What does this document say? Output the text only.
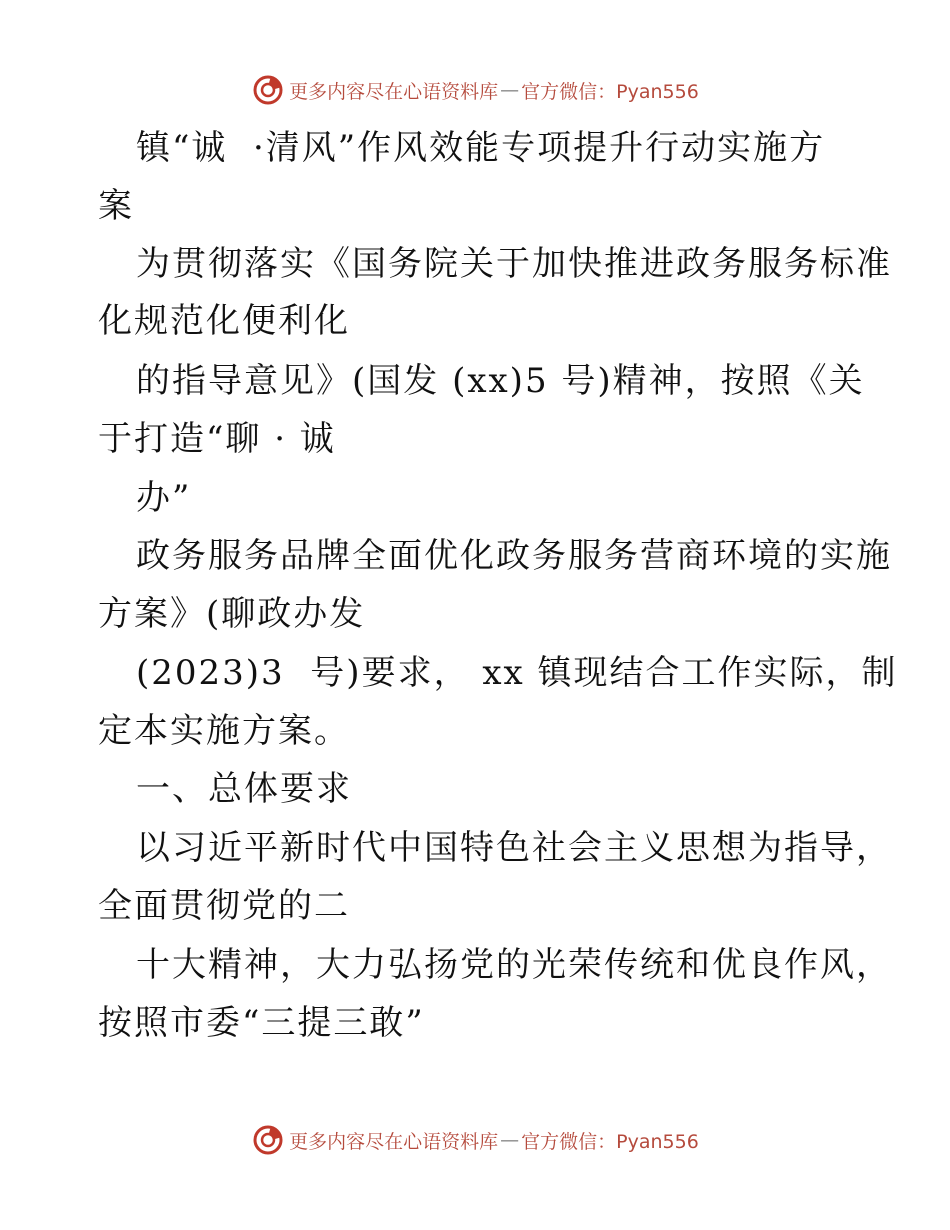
更多内容尽在心语资料库 — 官方微信：Pyan556
镇“诚  ·清风”作风效能专项提升行动实施方
案
为贯彻落实《国务院关于加快推进政务服务标准
化规范化便利化
的指导意见》(国发 (xx)5 号)精神，按照《关
于打造“聊 · 诚
办”
政务服务品牌全面优化政务服务营商环境的实施
方案》(聊政办发
(2023)3  号)要求， xx 镇现结合工作实际，制
定本实施方案。
一、总体要求
以习近平新时代中国特色社会主义思想为指导，
全面贯彻党的二
十大精神，大力弘扬党的光荣传统和优良作风，
按照市委“三提三敢”
更多内容尽在心语资料库 — 官方微信：Pyan556
